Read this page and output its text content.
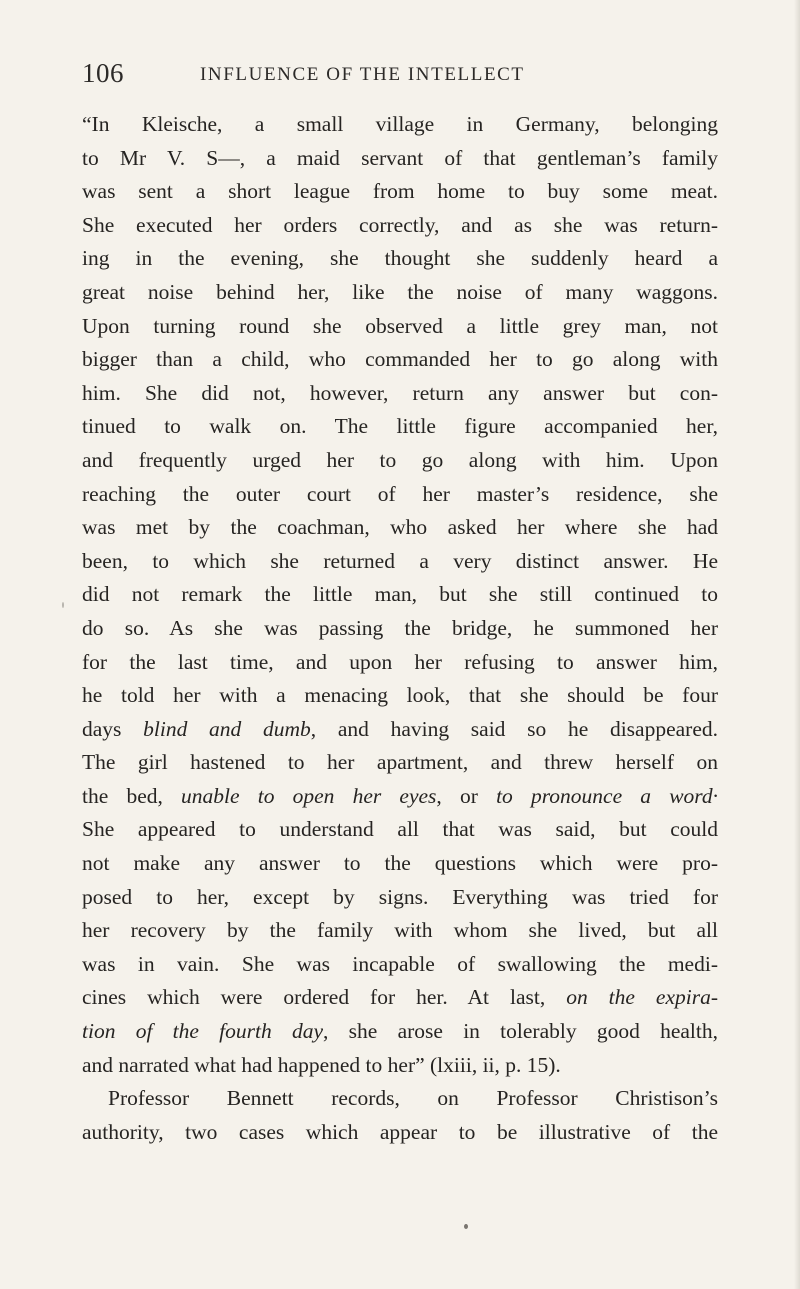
106	INFLUENCE OF THE INTELLECT
“In Kleische, a small village in Germany, belonging
to Mr V. S—, a maid servant of that gentleman’s family
was sent a short league from home to buy some meat.
She executed her orders correctly, and as she was return-
ing in the evening, she thought she suddenly heard a
great noise behind her, like the noise of many waggons.
Upon turning round she observed a little grey man, not
bigger than a child, who commanded her to go along with
him. She did not, however, return any answer but con-
tinued to walk on. The little figure accompanied her,
and frequently urged her to go along with him. Upon
reaching the outer court of her master’s residence, she
was met by the coachman, who asked her where she had
been, to which she returned a very distinct answer. He
did not remark the little man, but she still continued to
do so. As she was passing the bridge, he summoned her
for the last time, and upon her refusing to answer him,
he told her with a menacing look, that she should be four
days blind and dumb, and having said so he disappeared.
The girl hastened to her apartment, and threw herself on
the bed, unable to open her eyes, or to pronounce a word·
She appeared to understand all that was said, but could
not make any answer to the questions which were pro-
posed to her, except by signs. Everything was tried for
her recovery by the family with whom she lived, but all
was in vain. She was incapable of swallowing the medi-
cines which were ordered for her. At last, on the expira-
tion of the fourth day, she arose in tolerably good health,
and narrated what had happened to her” (lxiii, ii, p. 15).
Professor Bennett records, on Professor Christison’s
authority, two cases which appear to be illustrative of the
